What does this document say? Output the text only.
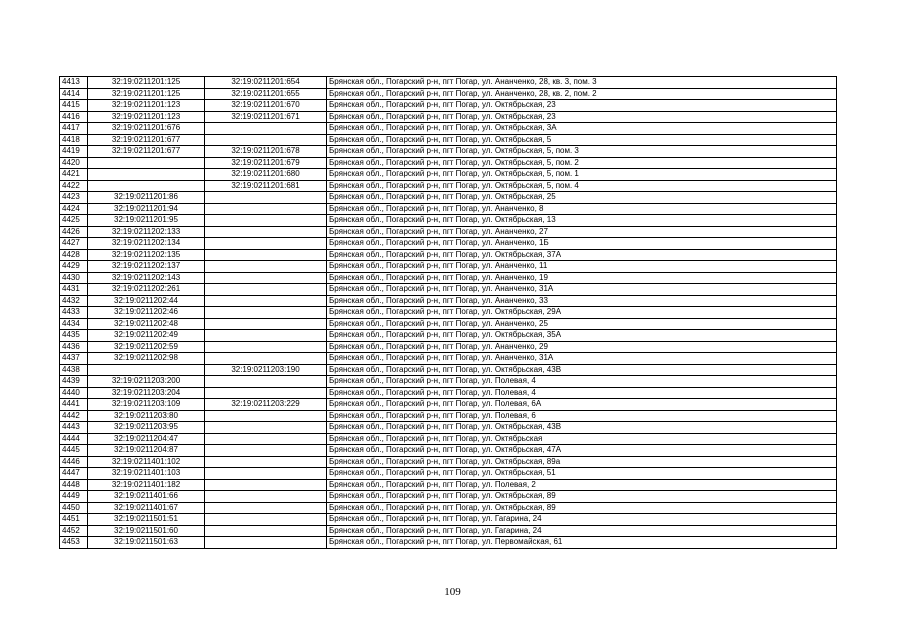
4413	32:19:0211201:125	32:19:0211201:654	Брянская обл., Погарский р-н, пгт Погар, ул. Ананченко, 28, кв. 3, пом. 3
4414	32:19:0211201:125	32:19:0211201:655	Брянская обл., Погарский р-н, пгт Погар, ул. Ананченко, 28, кв. 2, пом. 2
4415	32:19:0211201:123	32:19:0211201:670	Брянская обл., Погарский р-н, пгт Погар, ул. Октябрьская, 23
4416	32:19:0211201:123	32:19:0211201:671	Брянская обл., Погарский р-н, пгт Погар, ул. Октябрьская, 23
4417	32:19:0211201:676		Брянская обл., Погарский р-н, пгт Погар, ул. Октябрьская, 3А
4418	32:19:0211201:677		Брянская обл., Погарский р-н, пгт Погар, ул. Октябрьская, 5
4419	32:19:0211201:677	32:19:0211201:678	Брянская обл., Погарский р-н, пгт Погар, ул. Октябрьская, 5, пом. 3
4420		32:19:0211201:679	Брянская обл., Погарский р-н, пгт Погар, ул. Октябрьская, 5, пом. 2
4421		32:19:0211201:680	Брянская обл., Погарский р-н, пгт Погар, ул. Октябрьская, 5, пом. 1
4422		32:19:0211201:681	Брянская обл., Погарский р-н, пгт Погар, ул. Октябрьская, 5, пом. 4
4423	32:19:0211201:86		Брянская обл., Погарский р-н, пгт Погар, ул. Октябрьская, 25
4424	32:19:0211201:94		Брянская обл., Погарский р-н, пгт Погар, ул. Ананченко, 8
4425	32:19:0211201:95		Брянская обл., Погарский р-н, пгт Погар, ул. Октябрьская, 13
4426	32:19:0211202:133		Брянская обл., Погарский р-н, пгт Погар, ул. Ананченко, 27
4427	32:19:0211202:134		Брянская обл., Погарский р-н, пгт Погар, ул. Ананченко, 1Б
4428	32:19:0211202:135		Брянская обл., Погарский р-н, пгт Погар, ул. Октябрьская, 37А
4429	32:19:0211202:137		Брянская обл., Погарский р-н, пгт Погар, ул. Ананченко, 11
4430	32:19:0211202:143		Брянская обл., Погарский р-н, пгт Погар, ул. Ананченко, 19
4431	32:19:0211202:261		Брянская обл., Погарский р-н, пгт Погар, ул. Ананченко, 31А
4432	32:19:0211202:44		Брянская обл., Погарский р-н, пгт Погар, ул. Ананченко, 33
4433	32:19:0211202:46		Брянская обл., Погарский р-н, пгт Погар, ул. Октябрьская, 29А
4434	32:19:0211202:48		Брянская обл., Погарский р-н, пгт Погар, ул. Ананченко, 25
4435	32:19:0211202:49		Брянская обл., Погарский р-н, пгт Погар, ул. Октябрьская, 35А
4436	32:19:0211202:59		Брянская обл., Погарский р-н, пгт Погар, ул. Ананченко, 29
4437	32:19:0211202:98		Брянская обл., Погарский р-н, пгт Погар, ул. Ананченко, 31А
4438		32:19:0211203:190	Брянская обл., Погарский р-н, пгт Погар, ул. Октябрьская, 43В
4439	32:19:0211203:200		Брянская обл., Погарский р-н, пгт Погар, ул. Полевая, 4
4440	32:19:0211203:204		Брянская обл., Погарский р-н, пгт Погар, ул. Полевая, 4
4441	32:19:0211203:109	32:19:0211203:229	Брянская обл., Погарский р-н, пгт Погар, ул. Полевая, 6А
4442	32:19:0211203:80		Брянская обл., Погарский р-н, пгт Погар, ул. Полевая, 6
4443	32:19:0211203:95		Брянская обл., Погарский р-н, пгт Погар, ул. Октябрьская, 43В
4444	32:19:0211204:47		Брянская обл., Погарский р-н, пгт Погар, ул. Октябрьская
4445	32:19:0211204:87		Брянская обл., Погарский р-н, пгт Погар, ул. Октябрьская, 47А
4446	32:19:0211401:102		Брянская обл., Погарский р-н, пгт Погар, ул. Октябрьская, 89а
4447	32:19:0211401:103		Брянская обл., Погарский р-н, пгт Погар, ул. Октябрьская, 51
4448	32:19:0211401:182		Брянская обл., Погарский р-н, пгт Погар, ул. Полевая, 2
4449	32:19:0211401:66		Брянская обл., Погарский р-н, пгт Погар, ул. Октябрьская, 89
4450	32:19:0211401:67		Брянская обл., Погарский р-н, пгт Погар, ул. Октябрьская, 89
4451	32:19:0211501:51		Брянская обл., Погарский р-н, пгт Погар, ул. Гагарина, 24
4452	32:19:0211501:60		Брянская обл., Погарский р-н, пгт Погар, ул. Гагарина, 24
4453	32:19:0211501:63		Брянская обл., Погарский р-н, пгт Погар, ул. Первомайская, 61
109
